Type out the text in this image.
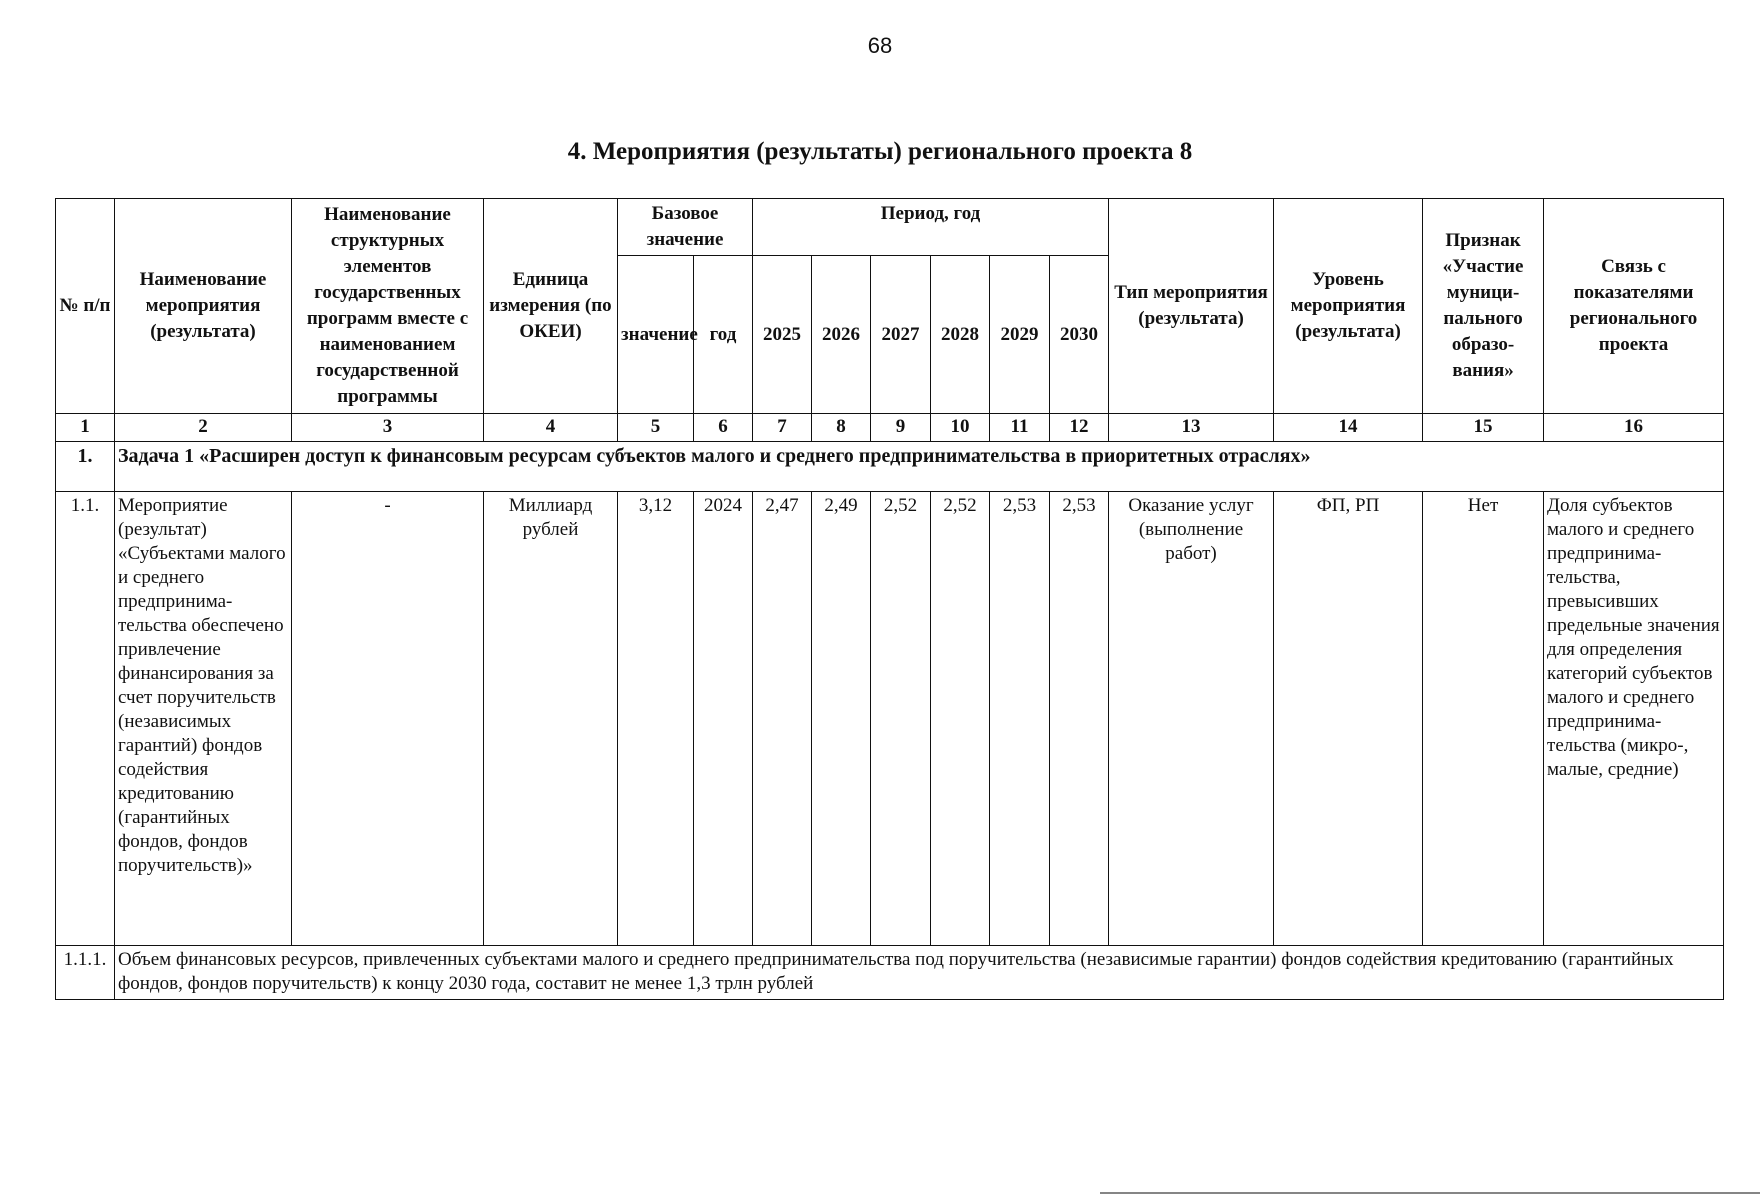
68
4. Мероприятия (результаты) регионального проекта 8
№ п/п	Наименование мероприятия (результата)	Наименование структурных элементов государственных программ вместе с наименованием государственной программы	Единица измерения (по ОКЕИ)	Базовое значение		Период, год						Тип мероприятия (результата)	Уровень мероприятия (результата)	Признак «Участие муници-пального образо-вания»	Связь с показателями регионального проекта
				значение	год	2025	2026	2027	2028	2029	2030				
1	2	3	4	5	6	7	8	9	10	11	12	13	14	15	16
1.	Задача 1 «Расширен доступ к финансовым ресурсам субъектов малого и среднего предпринимательства в приоритетных отраслях»														
1.1.	Мероприятие (результат) «Субъектами малого и среднего предпринима-тельства обеспечено привлечение финансирования за счет поручительств (независимых гарантий) фондов содействия кредитованию (гарантийных фондов, фондов поручительств)»	-	Миллиард рублей	3,12	2024	2,47	2,49	2,52	2,52	2,53	2,53	Оказание услуг (выполнение работ)	ФП, РП	Нет	Доля субъектов малого и среднего предпринима-тельства, превысивших предельные значения для определения категорий субъектов малого и среднего предпринима-тельства (микро-, малые, средние)
1.1.1.	Объем финансовых ресурсов, привлеченных субъектами малого и среднего предпринимательства под поручительства (независимые гарантии) фондов содействия кредитованию (гарантийных фондов, фондов поручительств) к концу 2030 года, составит не менее 1,3 трлн рублей														
